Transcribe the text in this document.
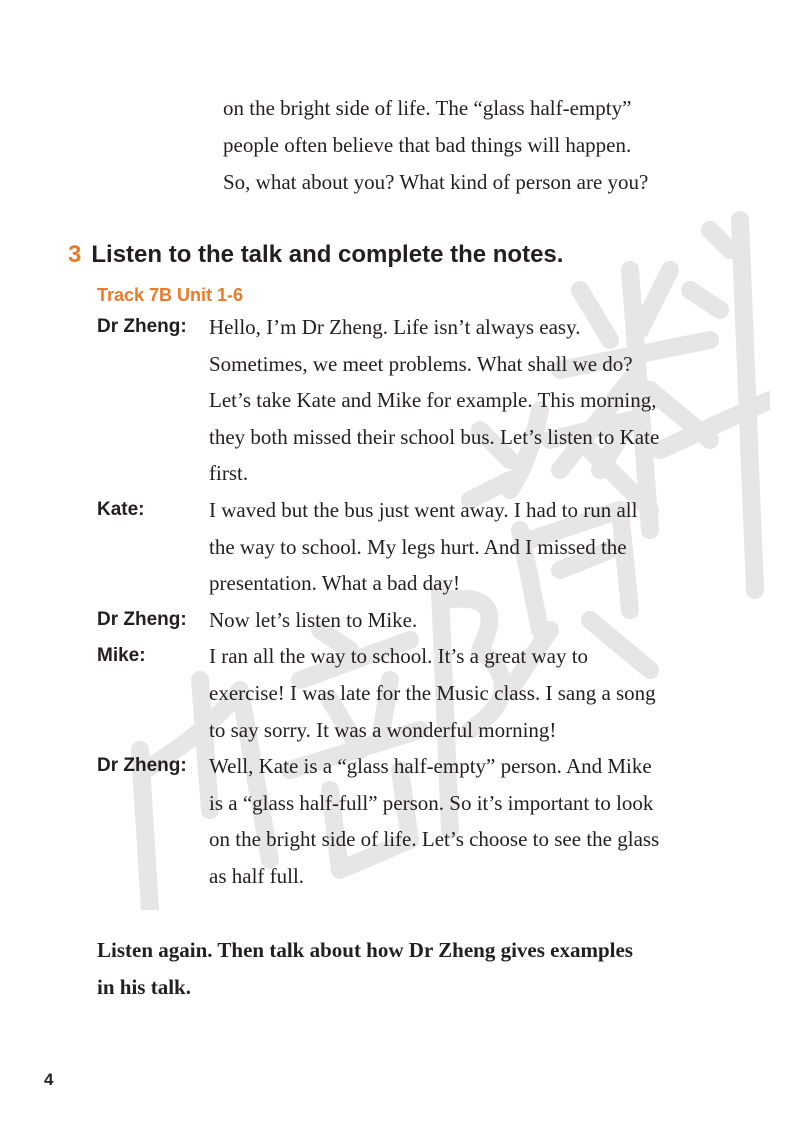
on the bright side of life. The “glass half-empty”

people often believe that bad things will happen.

So, what about you? What kind of person are you?

3 Listen to the talk and complete the notes.
Track 7B Unit 1-6
Dr Zheng:	Hello, I’m Dr Zheng. Life isn’t always easy.

Sometimes, we meet problems. What shall we do?

Let’s take Kate and Mike for example. This morning,

they both missed their school bus. Let’s listen to Kate

first.

Kate:	I waved but the bus just went away. I had to run all

the way to school. My legs hurt. And I missed the

presentation. What a bad day!

Dr Zheng:	Now let’s listen to Mike.

Mike:	I ran all the way to school. It’s a great way to

exercise! I was late for the Music class. I sang a song

to say sorry. It was a wonderful morning!

Dr Zheng:	Well, Kate is a “glass half-empty” person. And Mike

is a “glass half-full” person. So it’s important to look

on the bright side of life. Let’s choose to see the glass

as half full.

Listen again. Then talk about how Dr Zheng gives examples

in his talk.

4
